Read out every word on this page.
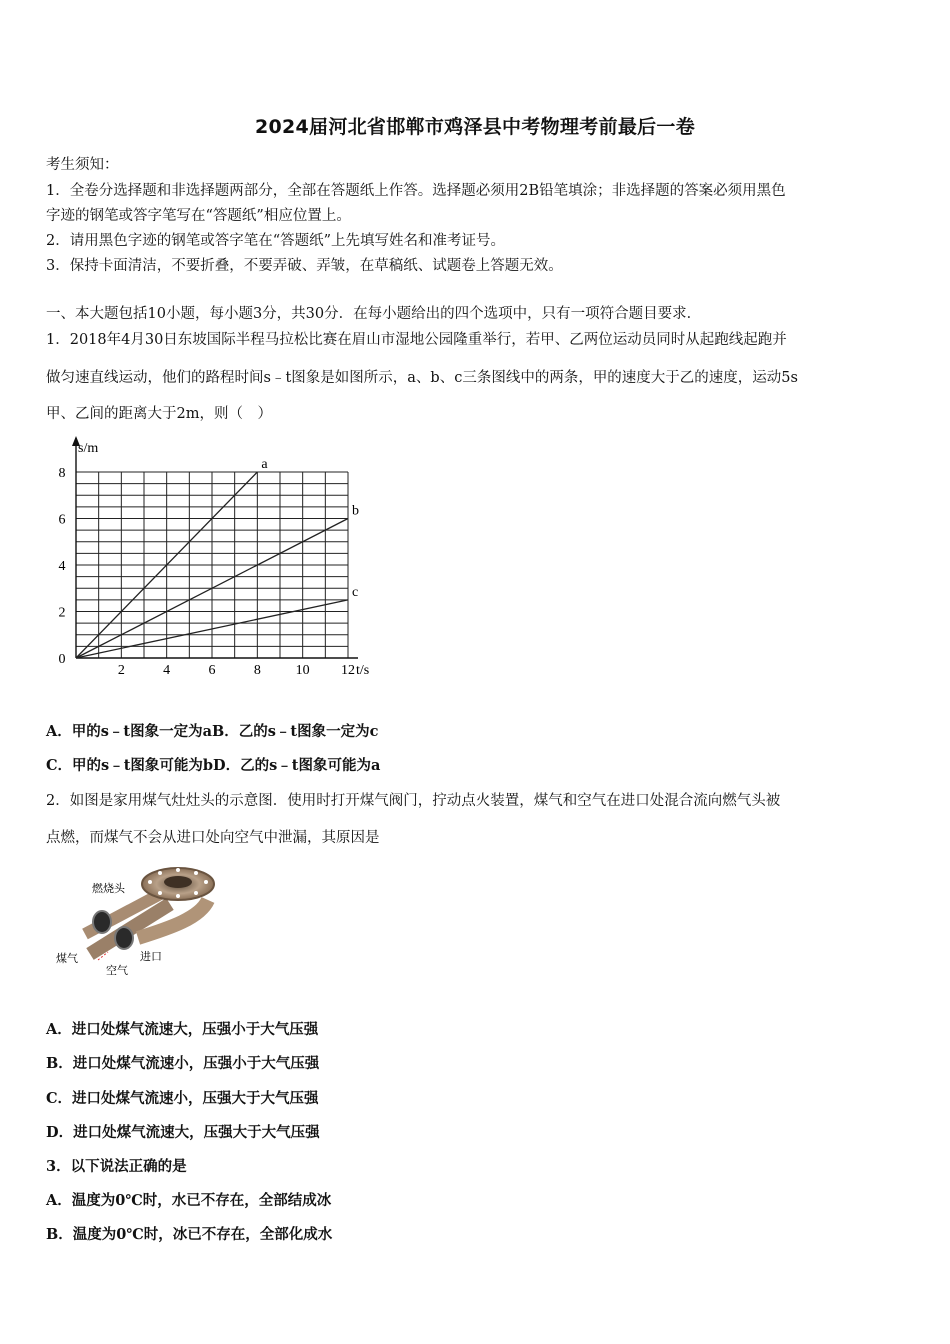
2024届河北省邯郸市鸡泽县中考物理考前最后一卷
考生须知：
1．全卷分选择题和非选择题两部分，全部在答题纸上作答。选择题必须用2B铅笔填涂；非选择题的答案必须用黑色
字迹的钢笔或答字笔写在“答题纸”相应位置上。
2．请用黑色字迹的钢笔或答字笔在“答题纸”上先填写姓名和准考证号。
3．保持卡面清洁，不要折叠，不要弄破、弄皱，在草稿纸、试题卷上答题无效。
一、本大题包括10小题，每小题3分，共30分．在每小题给出的四个选项中，只有一项符合题目要求．
1．2018年4月30日东坡国际半程马拉松比赛在眉山市湿地公园隆重举行，若甲、乙两位运动员同时从起跑线起跑并
做匀速直线运动，他们的路程时间s﹣t图象是如图所示，a、b、c三条图线中的两条，甲的速度大于乙的速度，运动5s
甲、乙间的距离大于2m，则（　）
2	4	6	8 10 12
0
2
4
6
8
a
b
c
s/m
t/s
A．甲的s﹣t图象一定为aB．乙的s﹣t图象一定为c
C．甲的s﹣t图象可能为bD．乙的s﹣t图象可能为a
2．如图是家用煤气灶灶头的示意图．使用时打开煤气阀门，拧动点火装置，煤气和空气在进口处混合流向燃气头被
点燃，而煤气不会从进口处向空气中泄漏，其原因是
燃烧头
煤气
空气
进口
A．进口处煤气流速大，压强小于大气压强
B．进口处煤气流速小，压强小于大气压强
C．进口处煤气流速小，压强大于大气压强
D．进口处煤气流速大，压强大于大气压强
3．以下说法正确的是
A．温度为0℃时，水已不存在，全部结成冰
B．温度为0℃时，冰已不存在，全部化成水
